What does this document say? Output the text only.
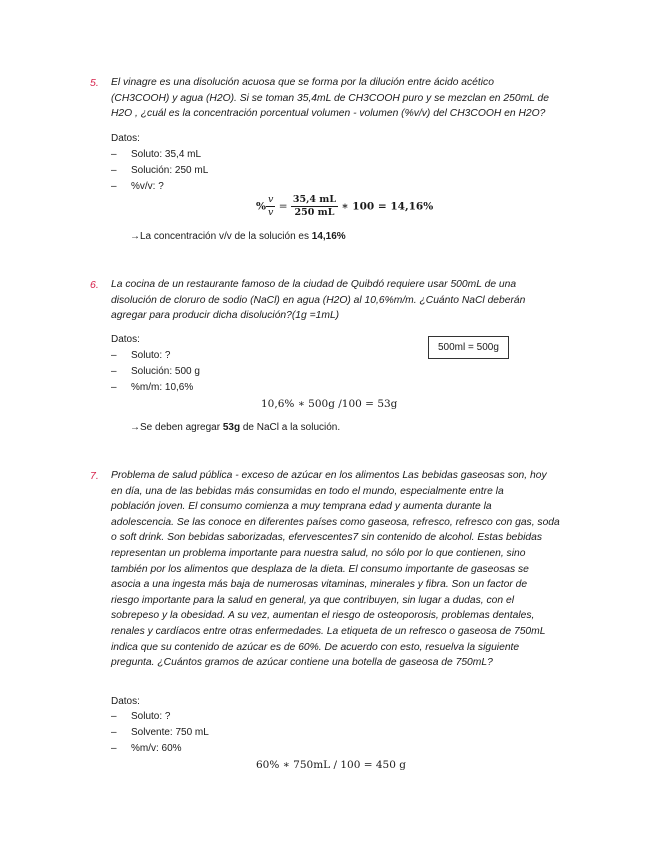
5. El vinagre es una disolución acuosa que se forma por la dilución entre ácido acético
(CH3COOH) y agua (H2O). Si se toman 35,4mL de CH3COOH puro y se mezclan en 250mL de
H2O , ¿cuál es la concentración porcentual volumen - volumen (%v/v) del CH3COOH en H2O?
Datos:
– Soluto: 35,4 mL
– Solución: 250 mL
– %v/v: ?
% $\frac{v}{v} = \frac{35,4 mL}{250 mL}$ ∗ 100 = 14,16%
→La concentración v/v de la solución es 14,16%
6. La cocina de un restaurante famoso de la ciudad de Quibdó requiere usar 500mL de una
disolución de cloruro de sodio (NaCl) en agua (H2O) al 10,6%m/m. ¿Cuánto NaCl deberán
agregar para producir dicha disolución?(1g =1mL)
Datos:
500ml = 500g
– Soluto: ?
– Solución: 500 g
– %m/m: 10,6%
10,6% ∗ 500g /100 = 53g
→Se deben agregar 53g de NaCl a la solución.
7. Problema de salud pública - exceso de azúcar en los alimentos Las bebidas gaseosas son, hoy
en día, una de las bebidas más consumidas en todo el mundo, especialmente entre la
población joven. El consumo comienza a muy temprana edad y aumenta durante la
adolescencia. Se las conoce en diferentes países como gaseosa, refresco, refresco con gas, soda
o soft drink. Son bebidas saborizadas, efervescentes7 sin contenido de alcohol. Estas bebidas
representan un problema importante para nuestra salud, no sólo por lo que contienen, sino
también por los alimentos que desplaza de la dieta. El consumo importante de gaseosas se
asocia a una ingesta más baja de numerosas vitaminas, minerales y fibra. Son un factor de
riesgo importante para la salud en general, ya que contribuyen, sin lugar a dudas, con el
sobrepeso y la obesidad. A su vez, aumentan el riesgo de osteoporosis, problemas dentales,
renales y cardíacos entre otras enfermedades. La etiqueta de un refresco o gaseosa de 750mL
indica que su contenido de azúcar es de 60%. De acuerdo con esto, resuelva la siguiente
pregunta. ¿Cuántos gramos de azúcar contiene una botella de gaseosa de 750mL?
Datos:
– Soluto: ?
– Solvente: 750 mL
– %m/v: 60%
60% ∗ 750mL / 100 = 450 g
